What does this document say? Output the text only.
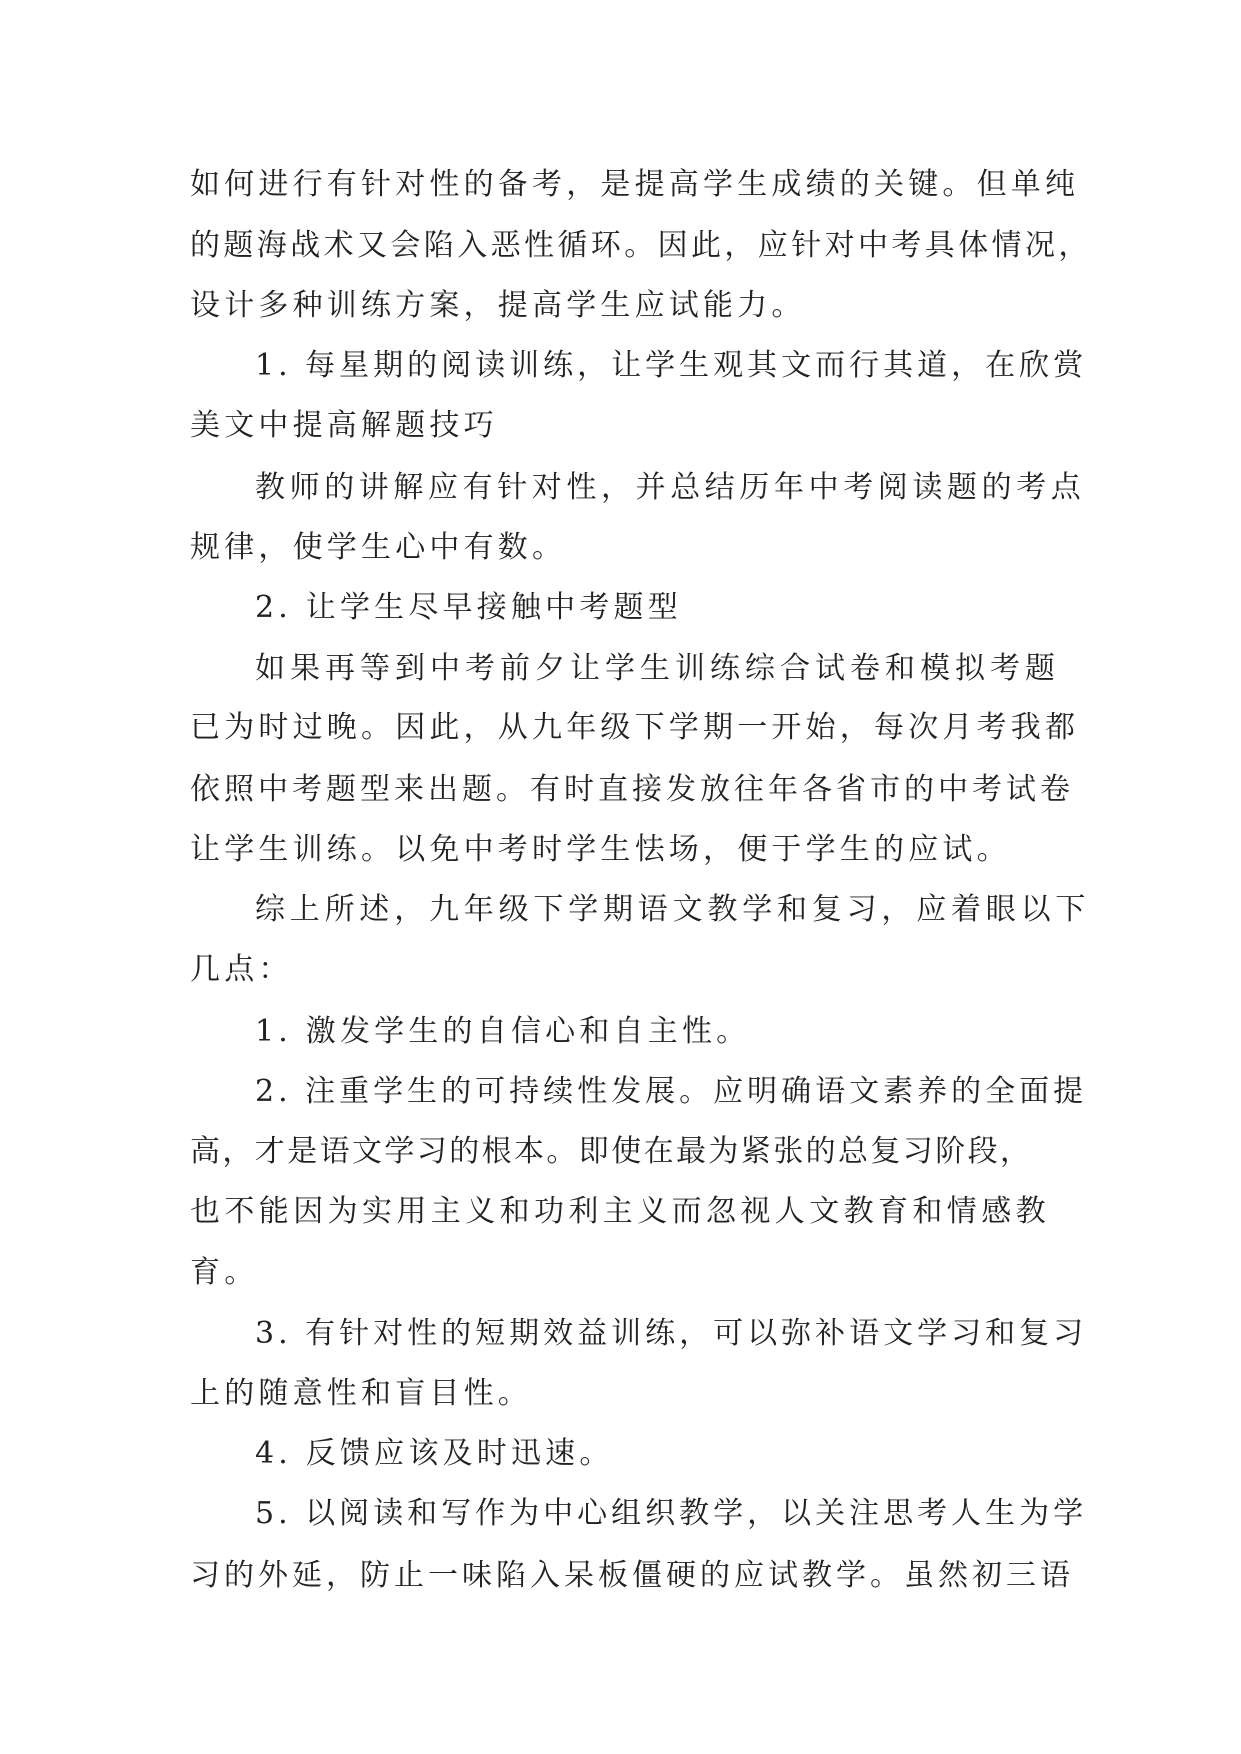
如何进行有针对性的备考，是提高学生成绩的关键。但单纯

的题海战术又会陷入恶性循环。因此，应针对中考具体情况，

设计多种训练方案，提高学生应试能力。

1. 每星期的阅读训练，让学生观其文而行其道，在欣赏

美文中提高解题技巧

教师的讲解应有针对性，并总结历年中考阅读题的考点

规律，使学生心中有数。

2. 让学生尽早接触中考题型

如果再等到中考前夕让学生训练综合试卷和模拟考题

已为时过晚。因此，从九年级下学期一开始，每次月考我都

依照中考题型来出题。有时直接发放往年各省市的中考试卷

让学生训练。以免中考时学生怯场，便于学生的应试。

综上所述，九年级下学期语文教学和复习，应着眼以下

几点：

1. 激发学生的自信心和自主性。

2. 注重学生的可持续性发展。应明确语文素养的全面提

高，才是语文学习的根本。即使在最为紧张的总复习阶段，

也不能因为实用主义和功利主义而忽视人文教育和情感教

育。

3. 有针对性的短期效益训练，可以弥补语文学习和复习

上的随意性和盲目性。

4. 反馈应该及时迅速。

5. 以阅读和写作为中心组织教学，以关注思考人生为学

习的外延，防止一味陷入呆板僵硬的应试教学。虽然初三语
